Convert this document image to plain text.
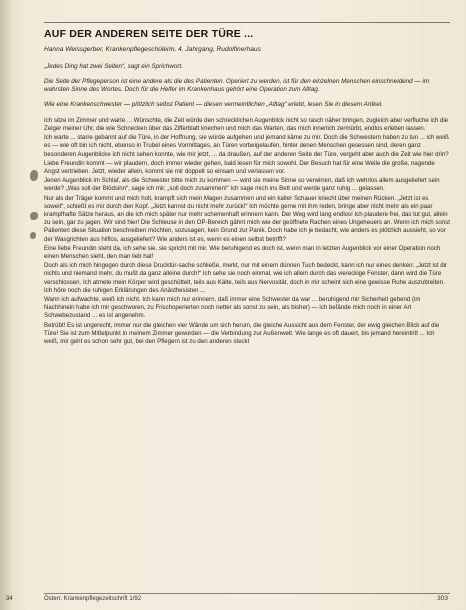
AUF DER ANDEREN SEITE DER TÜRE ...

Hanna Weissgerber, Krankenpflegeschülerin, 4. Jahrgang, Rudolfinerhaus

„Jedes Ding hat zwei Seiten“, sagt ein Sprichwort.

Die Seite der Pflegeperson ist eine andere als die des Patienten. Operiert zu werden, ist für den einzelnen Menschen einschneidend — im wahrsten Sinne des Wortes. Doch für die Helfer im Krankenhaus gehört eine Operation zum Alltag.

Wie eine Krankenschwester — plötzlich selbst Patient — diesen vermeintlichen „Alltag“ erlebt, lesen Sie in diesem Artikel.

Ich sitze im Zimmer und warte ... Wünschte, die Zeit würde den schrecklichen Augenblick nicht so rasch näher bringen, zugleich aber verfluche ich die Zeiger meiner Uhr, die wie Schnecken über das Zifferblatt kriechen und mich das Warten, das mich innerlich zermürbt, endlos erleben lassen.

Ich warte ... starre gebannt auf die Türe, in der Hoffnung, sie würde aufgehen und jemand käme zu mir. Doch die Schwestern haben zu tun ... ich weiß es — wie oft bin ich nicht, ebenso in Trubel eines Vormittages, an Türen vorbeigelaufen, hinter denen Menschen gesessen sind, deren ganz besonderen Augenblicke ich nicht sehen konnte, wie mir jetzt, ... da draußen, auf der anderen Seite der Türe, vergeht aber auch die Zeit wie hier drin?

Liebe Freundin kommt — wir plaudern, doch immer wieder gehen, bald lesen für mich sowohl. Der Besuch hat für eine Weile die große, nagende Angst vertrieben. Jetzt, wieder allein, kommt sie mir doppelt so einsam und verlassen vor.

Jenen Augenblick im Schlaf, als die Schwester bitte mich zu kommen — wird sie meine Sinne so verwirren, daß ich wehrlos allem ausgeliefert sein werde? „Was soll der Blödsinn“, sage ich mir, „soll doch zusammen!“ Ich sage mich ins Bett und werde ganz ruhig ... gelassen.

Nur als der Träger kommt und mich holt, krampft sich mein Magen zusammen und ein kalter Schauer kriecht über meinen Rücken. „Jetzt ist es soweit“, schießt es mir durch den Kopf. „Jetzt kannst du nicht mehr zurück!“ Ich möchte gerne mit ihm reden, bringe aber nicht mehr als ein paar krampfhafte Sätze heraus, an die ich mich später nur mehr schemenhaft erinnern kann. Der Weg wird lang endlos! Ich plaudere frei, das tut gut, allein zu sein, gar zu jagen. Wir sind hier! Die Schleuse in den OP-Bereich gähnt mich wie der geöffnete Rachen eines Ungeheuers an. Wenn ich mich sonst Patienten diese Situation beschreiben möchten, sozusagen, kein Grund zur Panik. Doch habe ich je bedacht, wie anders es plötzlich aussieht, so vor der Wasgrichten aus hilflos, ausgeliefert? Wie anders ist es, wenn es einen selbst betrifft?

Eine liebe Freundin steht da, ich sehe sie, sie spricht mit mir. Wie beruhigend es doch ist, wenn man in letzten Augenblick vor einer Operation noch einen Menschen sieht, den man lieb hat!

Doch als ich mich hingegen durch diese Drucktür-sache schließe, merkt, nur mit einem dünnen Tuch bedeckt, kann ich nur eines denken: „Jetzt ist dir nichts und niemand mehr, du mußt da ganz alleine durch!“ Ich sehe sie noch einmal, wie ich allein durch das viereckige Fenster, dann wird die Türe verschlossen. Ich atmete mein Körper wird geschüttelt, teils aus Kälte, teils aus Nervosität, doch in mir scheint sich eine gewisse Ruhe auszubreiten. Ich höre noch die ruhigen Erklärungen des Anästhesisten ...

Wann ich aufwachte, weiß ich nicht. Ich kann mich nur erinnern, daß immer eine Schwester da war ... beruhigend mir Sicherheit gebend (im Nachhinein habe ich mir geschworen, zu Frischoperierten noch netter als sonst zu sein, als bisher) — ich befände mich noch in einer Art Schwebezustand ... es ist angenehm.

Betrübt! Es ist ungerecht, immer nur die gleichen vier Wände um sich herum, die gleiche Aussicht aus dem Fenster, der ewig gleichen Blick auf die Türe! Sie ist zum Mittelpunkt in meinem Zimmer geworden — die Verbindung zur Außenwelt. Wie lange es oft dauert, bis jemand hereintritt ... Ich weiß, mir geht es schon sehr gut, bei den Pflegern ist zu den anderen steckt

34	Österr. Krankenpflegezeitschrift 1/92	303
